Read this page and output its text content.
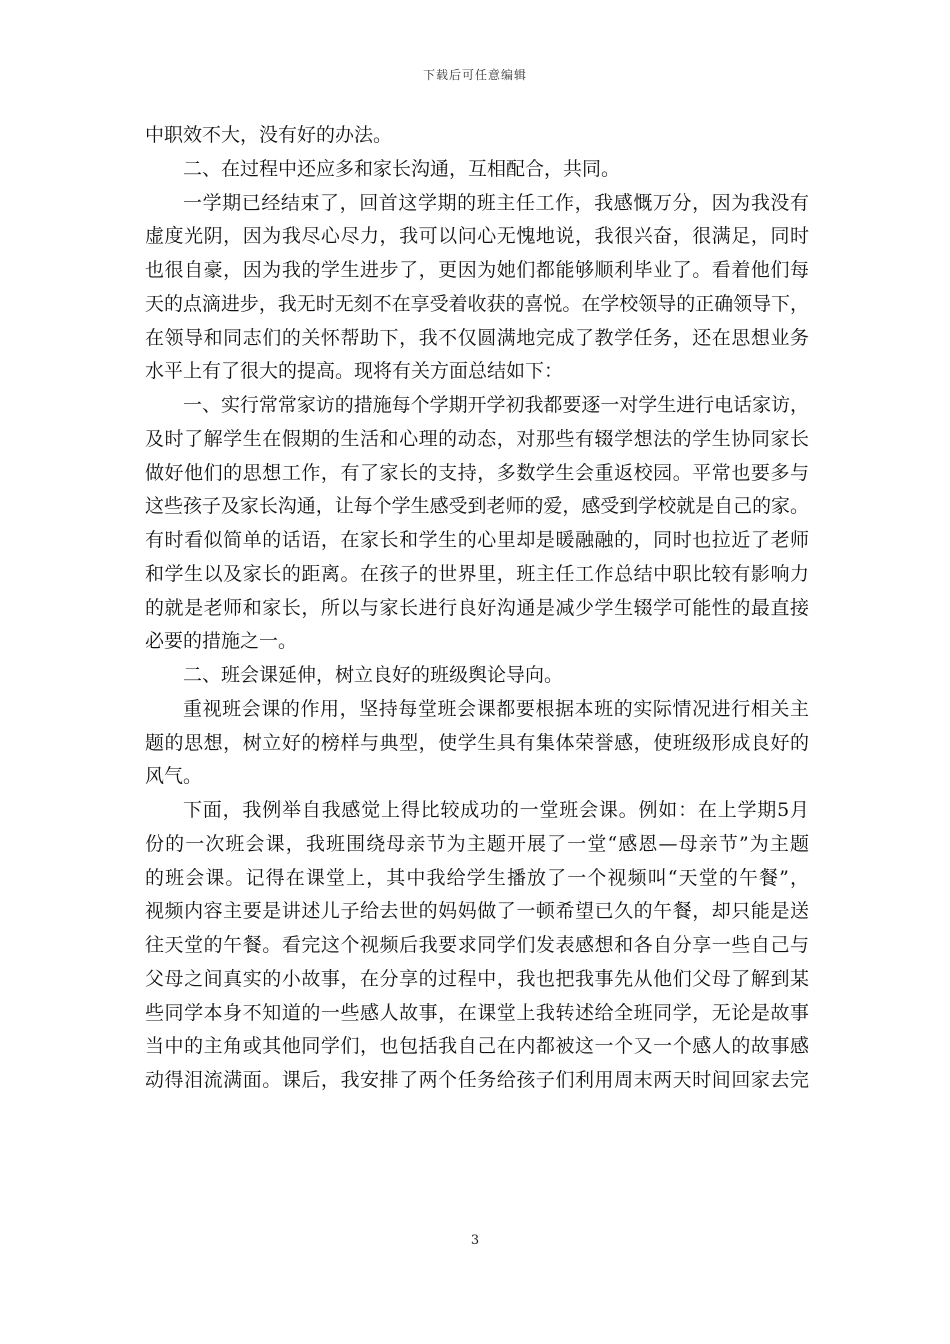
下载后可任意编辑
中职效不大，没有好的办法。
二、在过程中还应多和家长沟通，互相配合，共同。
一学期已经结束了，回首这学期的班主任工作，我感慨万分，因为我没有
虚度光阴，因为我尽心尽力，我可以问心无愧地说，我很兴奋，很满足，同时
也很自豪，因为我的学生进步了，更因为她们都能够顺利毕业了。看着他们每
天的点滴进步，我无时无刻不在享受着收获的喜悦。在学校领导的正确领导下，
在领导和同志们的关怀帮助下，我不仅圆满地完成了教学任务，还在思想业务
水平上有了很大的提高。现将有关方面总结如下：
一、实行常常家访的措施每个学期开学初我都要逐一对学生进行电话家访，
及时了解学生在假期的生活和心理的动态，对那些有辍学想法的学生协同家长
做好他们的思想工作，有了家长的支持，多数学生会重返校园。平常也要多与
这些孩子及家长沟通，让每个学生感受到老师的爱，感受到学校就是自己的家。
有时看似简单的话语，在家长和学生的心里却是暖融融的，同时也拉近了老师
和学生以及家长的距离。在孩子的世界里，班主任工作总结中职比较有影响力
的就是老师和家长，所以与家长进行良好沟通是减少学生辍学可能性的最直接
必要的措施之一。
二、班会课延伸，树立良好的班级舆论导向。
重视班会课的作用，坚持每堂班会课都要根据本班的实际情况进行相关主
题的思想，树立好的榜样与典型，使学生具有集体荣誉感，使班级形成良好的
风气。
下面，我例举自我感觉上得比较成功的一堂班会课。例如：在上学期5月
份的一次班会课，我班围绕母亲节为主题开展了一堂“感恩—母亲节”为主题
的班会课。记得在课堂上，其中我给学生播放了一个视频叫“天堂的午餐”，
视频内容主要是讲述儿子给去世的妈妈做了一顿希望已久的午餐，却只能是送
往天堂的午餐。看完这个视频后我要求同学们发表感想和各自分享一些自己与
父母之间真实的小故事，在分享的过程中，我也把我事先从他们父母了解到某
些同学本身不知道的一些感人故事，在课堂上我转述给全班同学，无论是故事
当中的主角或其他同学们，也包括我自己在内都被这一个又一个感人的故事感
动得泪流满面。课后，我安排了两个任务给孩子们利用周末两天时间回家去完
3
